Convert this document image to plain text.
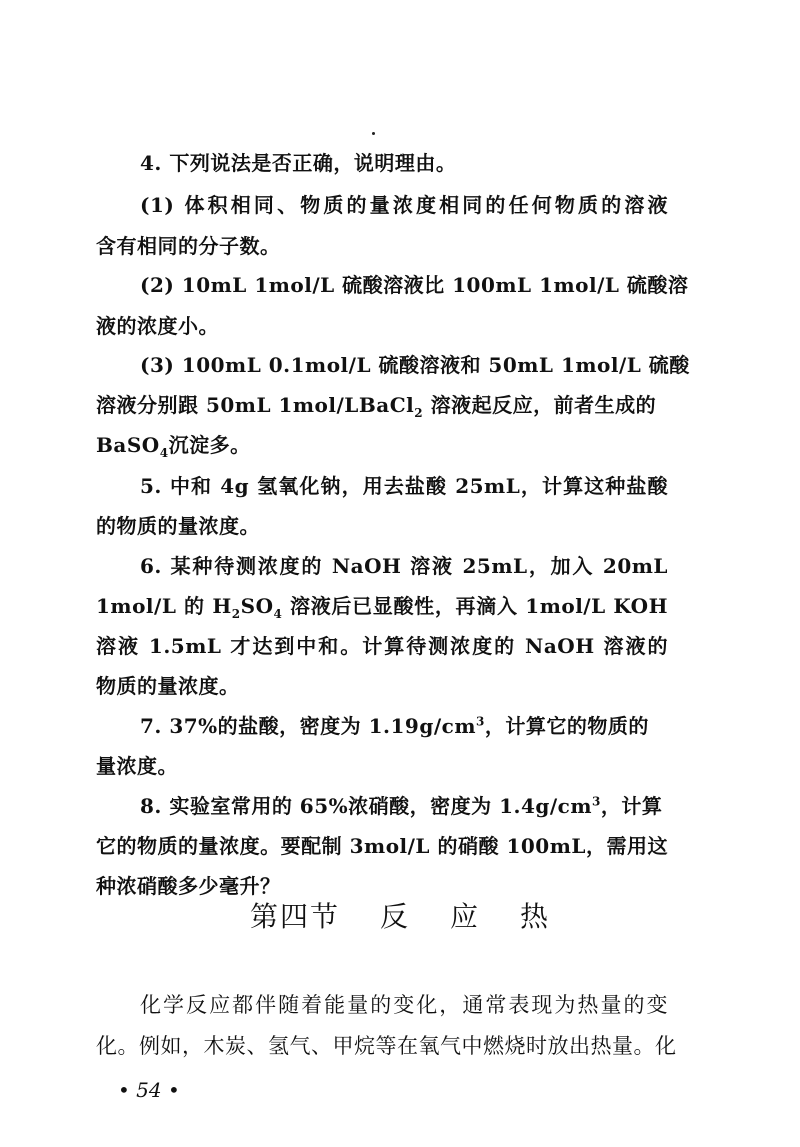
4. 下列说法是否正确，说明理由。
(1) 体积相同、物质的量浓度相同的任何物质的溶液
含有相同的分子数。
(2) 10mL 1mol/L 硫酸溶液比 100mL 1mol/L 硫酸溶
液的浓度小。
(3) 100mL 0.1mol/L 硫酸溶液和 50mL 1mol/L 硫酸
溶液分别跟 50mL 1mol/LBaCl$_2$ 溶液起反应，前者生成的
BaSO$_4$沉淀多。
5. 中和 4g 氢氧化钠，用去盐酸 25mL，计算这种盐酸
的物质的量浓度。
6. 某种待测浓度的 NaOH 溶液 25mL，加入 20mL
1mol/L 的 $H_2SO_4$ 溶液后已显酸性，再滴入 1mol/L KOH
溶液 1.5mL 才达到中和。计算待测浓度的 NaOH 溶液的
物质的量浓度。
7. 37%的盐酸，密度为 $1.19g/cm^3$，计算它的物质的
量浓度。
8. 实验室常用的 65%浓硝酸，密度为 $1.4g/cm^3$，计算
它的物质的量浓度。要配制 3mol/L 的硝酸 100mL，需用这
种浓硝酸多少毫升？
第四节 反 应 热
化学反应都伴随着能量的变化，通常表现为热量的变
化。例如，木炭、氢气、甲烷等在氧气中燃烧时放出热量。化
• 54 •
